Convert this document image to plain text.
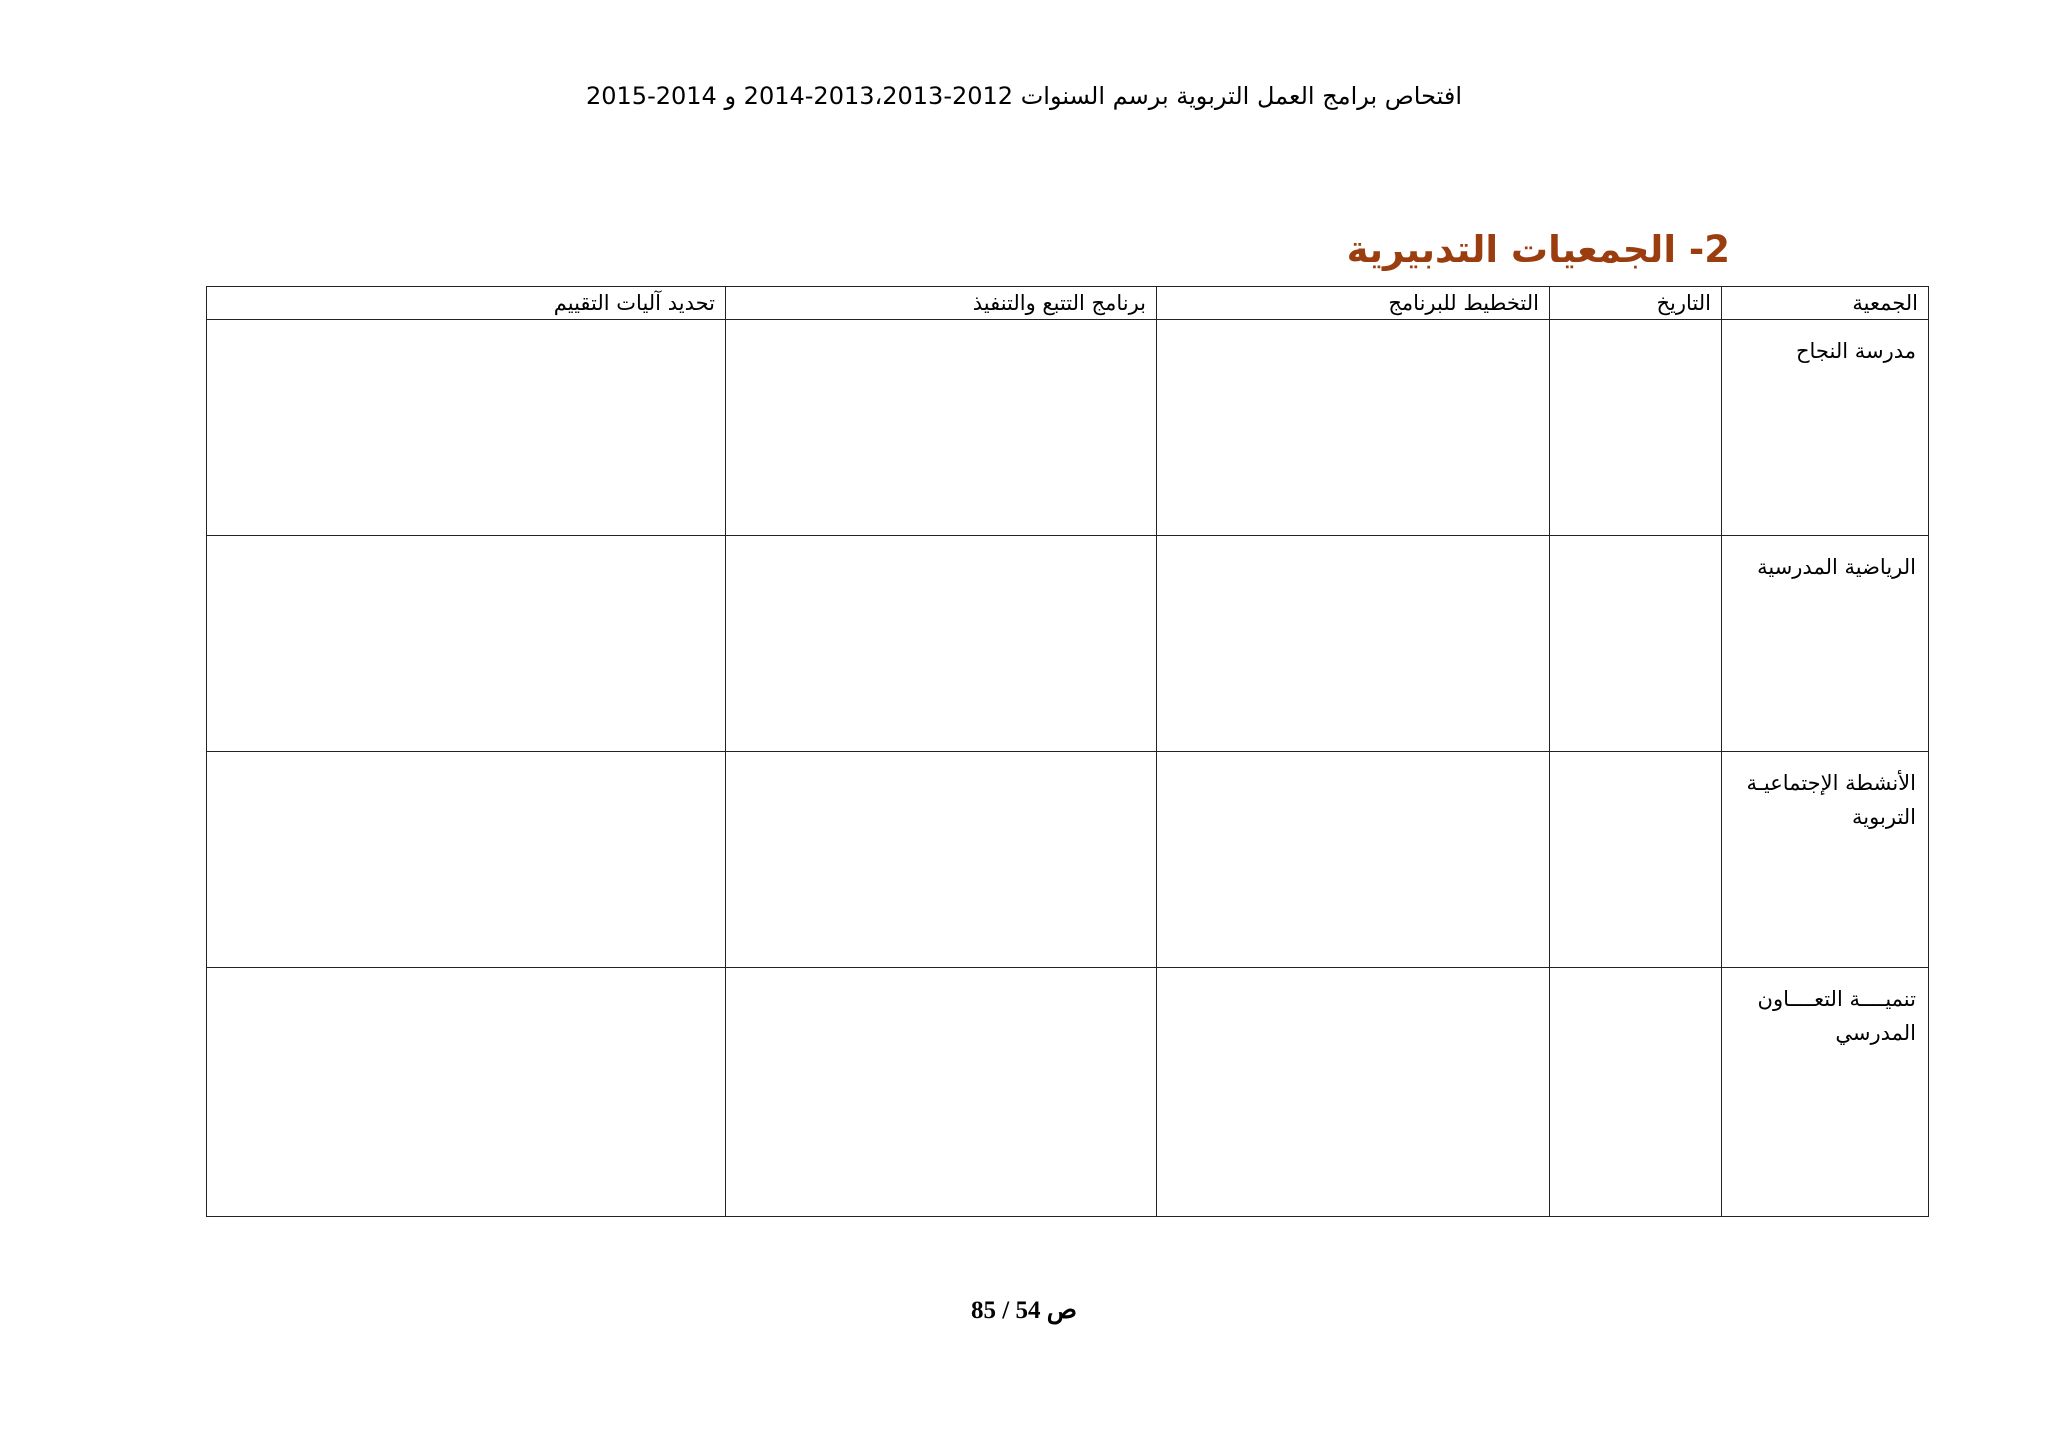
افتحاص برامج العمل التربوية برسم السنوات 2012-2013،2013-2014 و 2014-2015
2- الجمعيات التدبيرية
الجمعية	التاريخ	التخطيط للبرنامج	برنامج التتبع والتنفيذ	تحديد آليات التقييم
مدرسة النجاح				
الرياضية المدرسية				
الأنشطة الإجتماعيـة التربوية				
تنميــــة التعــــاون المدرسي				
85 / 54 ص
